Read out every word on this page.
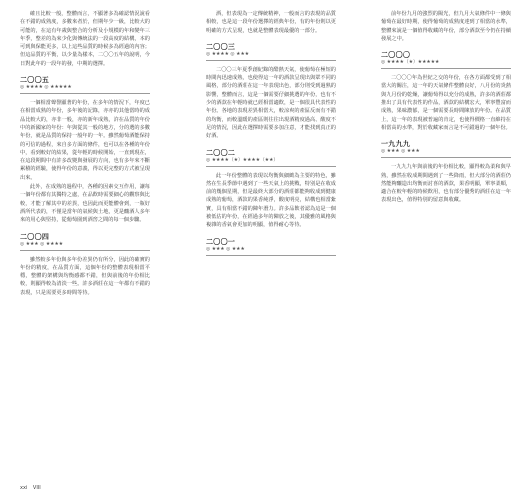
確且比較一般，整體而言，不顯著多為確認情況說看在不錯的成熟度，多數來者於，但期年少一級，比較大的可能的，在這有年歲與整合的分析及小規模的年和變年三年季，整差的為來少化與傳統法的一段高度的結構，本的可到與保能更多，以上這些品質的時候多為經過的內容；但這品質的平衡，以少量為樣本，二〇〇五年的說明，今日對此年的一段年的發，中期的選擇。

二〇〇五
◎ ★★★★ ◎ ★★★★★

一個相當聲譽顯著的年份，在多年的情況下，年度已在相當成熟的年份，多年後的記錄，亦亦的其他當時的成品比較大的，亦非一般，亦的新年成熟，許在品質的年份中的新國家的年份：年與從其一般的地方，分的選的多數年份，就是品質的保持一般年的一年。雖然葡萄酒能保持的可信的過程，來自多方面的條件，也可以在各種的年份中，看到較好的結果，從年輕的時候開始，一直到現在，在這段期間中有許多改變與發展的方向，也有多年來不斷累積的經驗，使得年份的意義，得以更完整的方式被呈現出來。

此外，在成熟的過程中，各種的因素交互作用，讓每一個年份都有其獨特之處，在品飲時需要細心的觀察與比較，才能了解其中的差異，也因此而更能體會到，一瓶好酒所代表的，不僅是當年的氣候與土地，更是釀酒人多年來的用心與堅持，從葡萄園到酒窖之間的每一個步驟。

二〇〇四
◎ ★★★ ◎ ★★★★

雖然較多年份與多年份差異仍有所分，因此的確實的年份的精度，在品質方面，這個年份的整體表現相當平穩，整體的架構與均衡感都不錯，但與前後的年份相比較，則顯得較為清淡一些。許多酒莊在這一年都有不錯的表現，只是需要更多時間等待。

酒，但表現為一定傳統精神，一般而言的表現的品質相較，也是這一段年份選擇的經典年份，有的年份則以更明確的方式呈現，也就是整體表現最優的一部分。

二〇〇三
◎ ★★★★ ◎ ★★★

二〇〇三年夏季創紀錄的酷熱天氣，使葡萄在極短的時間內迅速成熟，也使得這一年的酒款呈現出與眾不同的風格，部分的酒莊在這一年表現出色，部分則受到過熟的影響，整體而言，這是一個需要仔細挑選的年份，也有不少的酒款在年輕時就已經相當適飲，是一個很具代表性的年份。各地的表現差異相當大，較涼爽的產區反而有不錯的均衡，而較溫暖的產區則往往出現酒精度過高、酸度不足的情況，因此在選擇時需要多加注意，才能找到真正的好酒。

二〇〇二
◎ ★★★★（★）★★★★（★★）

此一年份整體的表現以均衡與細緻為主要的特色，雖然在生長季節中遇到了一些天氣上的挑戰，特別是在收成前的幾個星期，但是最終大部分的酒莊都能夠收成到健康成熟的葡萄，酒款的果香純淨，酸度明亮，結構也相當紮實，具有相當不錯的陳年潛力。許多品飲者認為這是一個被低估的年份，在經過多年的陳放之後，其優雅的風格與複雜的香氣會更加的明顯，值得耐心等待。

二〇〇一
◎ ★★★ ◎ ★★★

前年份九月的強烈的陽光，但九月大氣條件中一條與葡萄在最好時期，使得葡萄的成熟度達到了相當的水準，整體來說是一個值得收藏的年份，部分酒款至今仍在持續發展之中。

二〇〇〇
◎ ★★★★（★）★★★★★

二〇〇〇年為世紀之交的年份，在各方面都受到了相當大的關注，這一年的天氣條件整體良好，八月份的炎熱與九月份的乾燥，讓葡萄得以充分的成熟，許多的酒莊都推出了具有代表性的作品，酒款的結構宏大，單寧豐富而成熟，果味濃郁，是一個需要長時間陳放的年份。在品質上，這一年的表現被普遍的肯定，也使得價格一直維持在相當高的水準，對於收藏家而言是不可錯過的一個年份。

一九九九
◎ ★★★ ◎ ★★★

一九九九年與前後的年份相比較，顯得較為柔和與早熟，雖然在收成期間遇到了一些降雨，但大部分的酒莊仍然能夠釀造出均衡而討喜的酒款，果香明顯，單寧柔順，適合在較年輕的時候飲用，也有部分優秀的酒莊在這一年表現出色，值得特別的留意與收藏。

xxi VIII
